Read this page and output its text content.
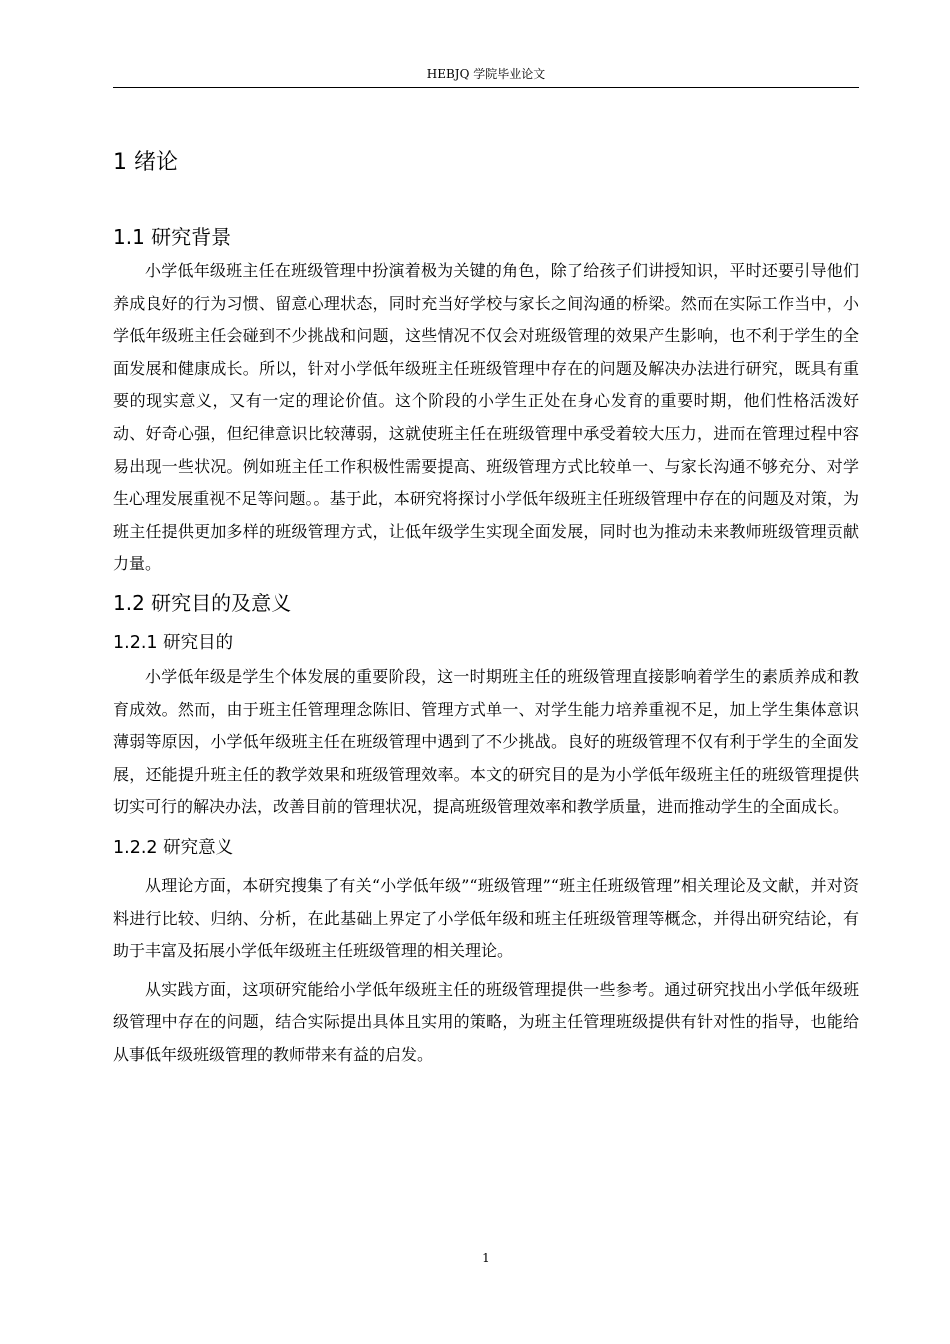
HEBJQ 学院毕业论文
1 绪论
1.1 研究背景

小学低年级班主任在班级管理中扮演着极为关键的角色，除了给孩子们讲授知识，平时还要引导他们养成良好的行为习惯、留意心理状态，同时充当好学校与家长之间沟通的桥梁。然而在实际工作当中，小学低年级班主任会碰到不少挑战和问题，这些情况不仅会对班级管理的效果产生影响，也不利于学生的全面发展和健康成长。所以，针对小学低年级班主任班级管理中存在的问题及解决办法进行研究，既具有重要的现实意义，又有一定的理论价值。这个阶段的小学生正处在身心发育的重要时期，他们性格活泼好动、好奇心强，但纪律意识比较薄弱，这就使班主任在班级管理中承受着较大压力，进而在管理过程中容易出现一些状况。例如班主任工作积极性需要提高、班级管理方式比较单一、与家长沟通不够充分、对学生心理发展重视不足等问题。。基于此，本研究将探讨小学低年级班主任班级管理中存在的问题及对策，为班主任提供更加多样的班级管理方式，让低年级学生实现全面发展，同时也为推动未来教师班级管理贡献力量。

1.2 研究目的及意义
1.2.1 研究目的

小学低年级是学生个体发展的重要阶段，这一时期班主任的班级管理直接影响着学生的素质养成和教育成效。然而，由于班主任管理理念陈旧、管理方式单一、对学生能力培养重视不足，加上学生集体意识薄弱等原因，小学低年级班主任在班级管理中遇到了不少挑战。良好的班级管理不仅有利于学生的全面发展，还能提升班主任的教学效果和班级管理效率。本文的研究目的是为小学低年级班主任的班级管理提供切实可行的解决办法，改善目前的管理状况，提高班级管理效率和教学质量，进而推动学生的全面成长。

1.2.2 研究意义

从理论方面，本研究搜集了有关“小学低年级”“班级管理”“班主任班级管理”相关理论及文献，并对资料进行比较、归纳、分析，在此基础上界定了小学低年级和班主任班级管理等概念，并得出研究结论，有助于丰富及拓展小学低年级班主任班级管理的相关理论。

从实践方面，这项研究能给小学低年级班主任的班级管理提供一些参考。通过研究找出小学低年级班级管理中存在的问题，结合实际提出具体且实用的策略，为班主任管理班级提供有针对性的指导，也能给从事低年级班级管理的教师带来有益的启发。

1
